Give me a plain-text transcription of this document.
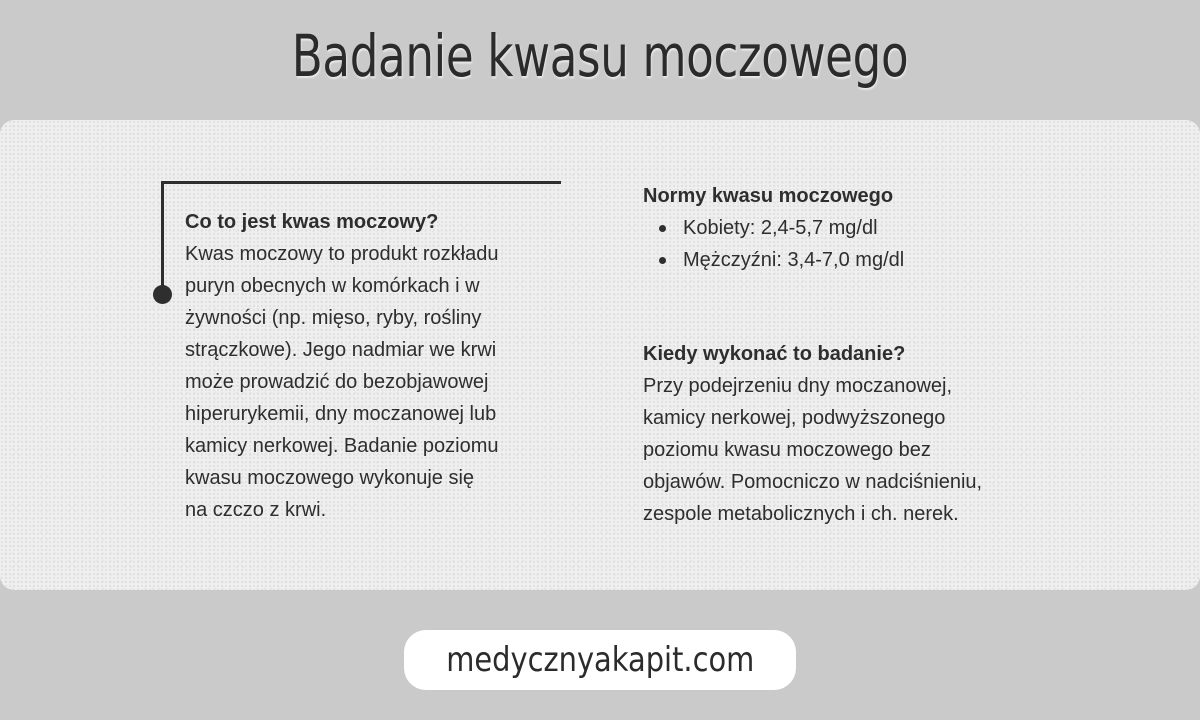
Badanie kwasu moczowego
Co to jest kwas moczowy?
Kwas moczowy to produkt rozkładu
puryn obecnych w komórkach i w
żywności (np. mięso, ryby, rośliny
strączkowe). Jego nadmiar we krwi
może prowadzić do bezobjawowej
hiperurykemii, dny moczanowej lub
kamicy nerkowej. Badanie poziomu
kwasu moczowego wykonuje się
na czczo z krwi.
Normy kwasu moczowego
Kobiety: 2,4-5,7 mg/dl
Mężczyźni: 3,4-7,0 mg/dl
Kiedy wykonać to badanie?
Przy podejrzeniu dny moczanowej,
kamicy nerkowej, podwyższonego
poziomu kwasu moczowego bez
objawów. Pomocniczo w nadciśnieniu,
zespole metabolicznych i ch. nerek.
medycznyakapit.com
